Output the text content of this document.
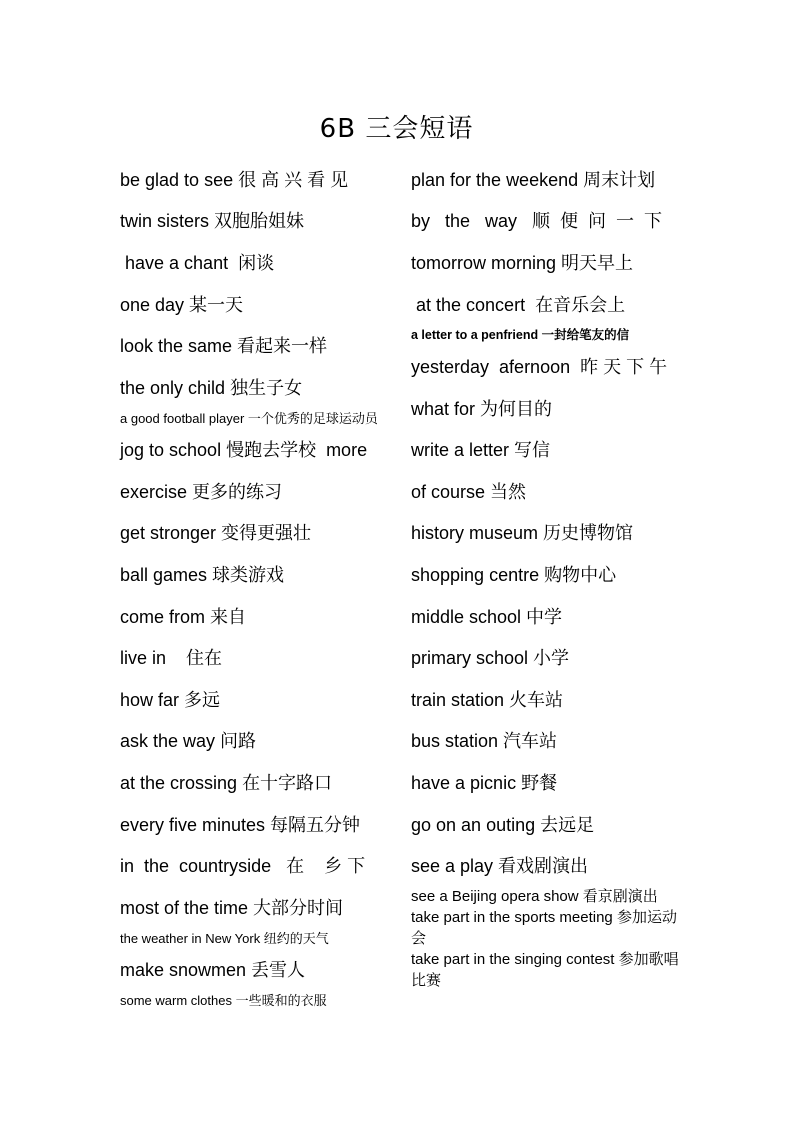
6B 三会短语
be glad to see 很 高 兴 看 见
twin sisters 双胞胎姐妹
have a chant  闲谈
one day 某一天
look the same 看起来一样
the only child 独生子女
a good football player 一个优秀的足球运动员
jog to school 慢跑去学校  more
exercise 更多的练习
get stronger 变得更强壮
ball games 球类游戏
come from 来自
live in    住在
how far 多远
ask the way 问路
at the crossing 在十字路口
every five minutes 每隔五分钟
in  the  countryside   在    乡 下
most of the time 大部分时间
the weather in New York 纽约的天气
make snowmen 丢雪人
some warm clothes 一些暖和的衣服
plan for the weekend 周末计划
by   the   way   顺  便  问  一  下
tomorrow morning 明天早上
at the concert  在音乐会上
a letter to a penfriend 一封给笔友的信
yesterday  afernoon  昨 天 下 午
what for 为何目的
write a letter 写信
of course 当然
history museum 历史博物馆
shopping centre 购物中心
middle school 中学
primary school 小学
train station 火车站
bus station 汽车站
have a picnic 野餐
go on an outing 去远足
see a play 看戏剧演出
see a Beijing opera show 看京剧演出
take part in the sports meeting 参加运动会
take part in the singing contest 参加歌唱比赛
